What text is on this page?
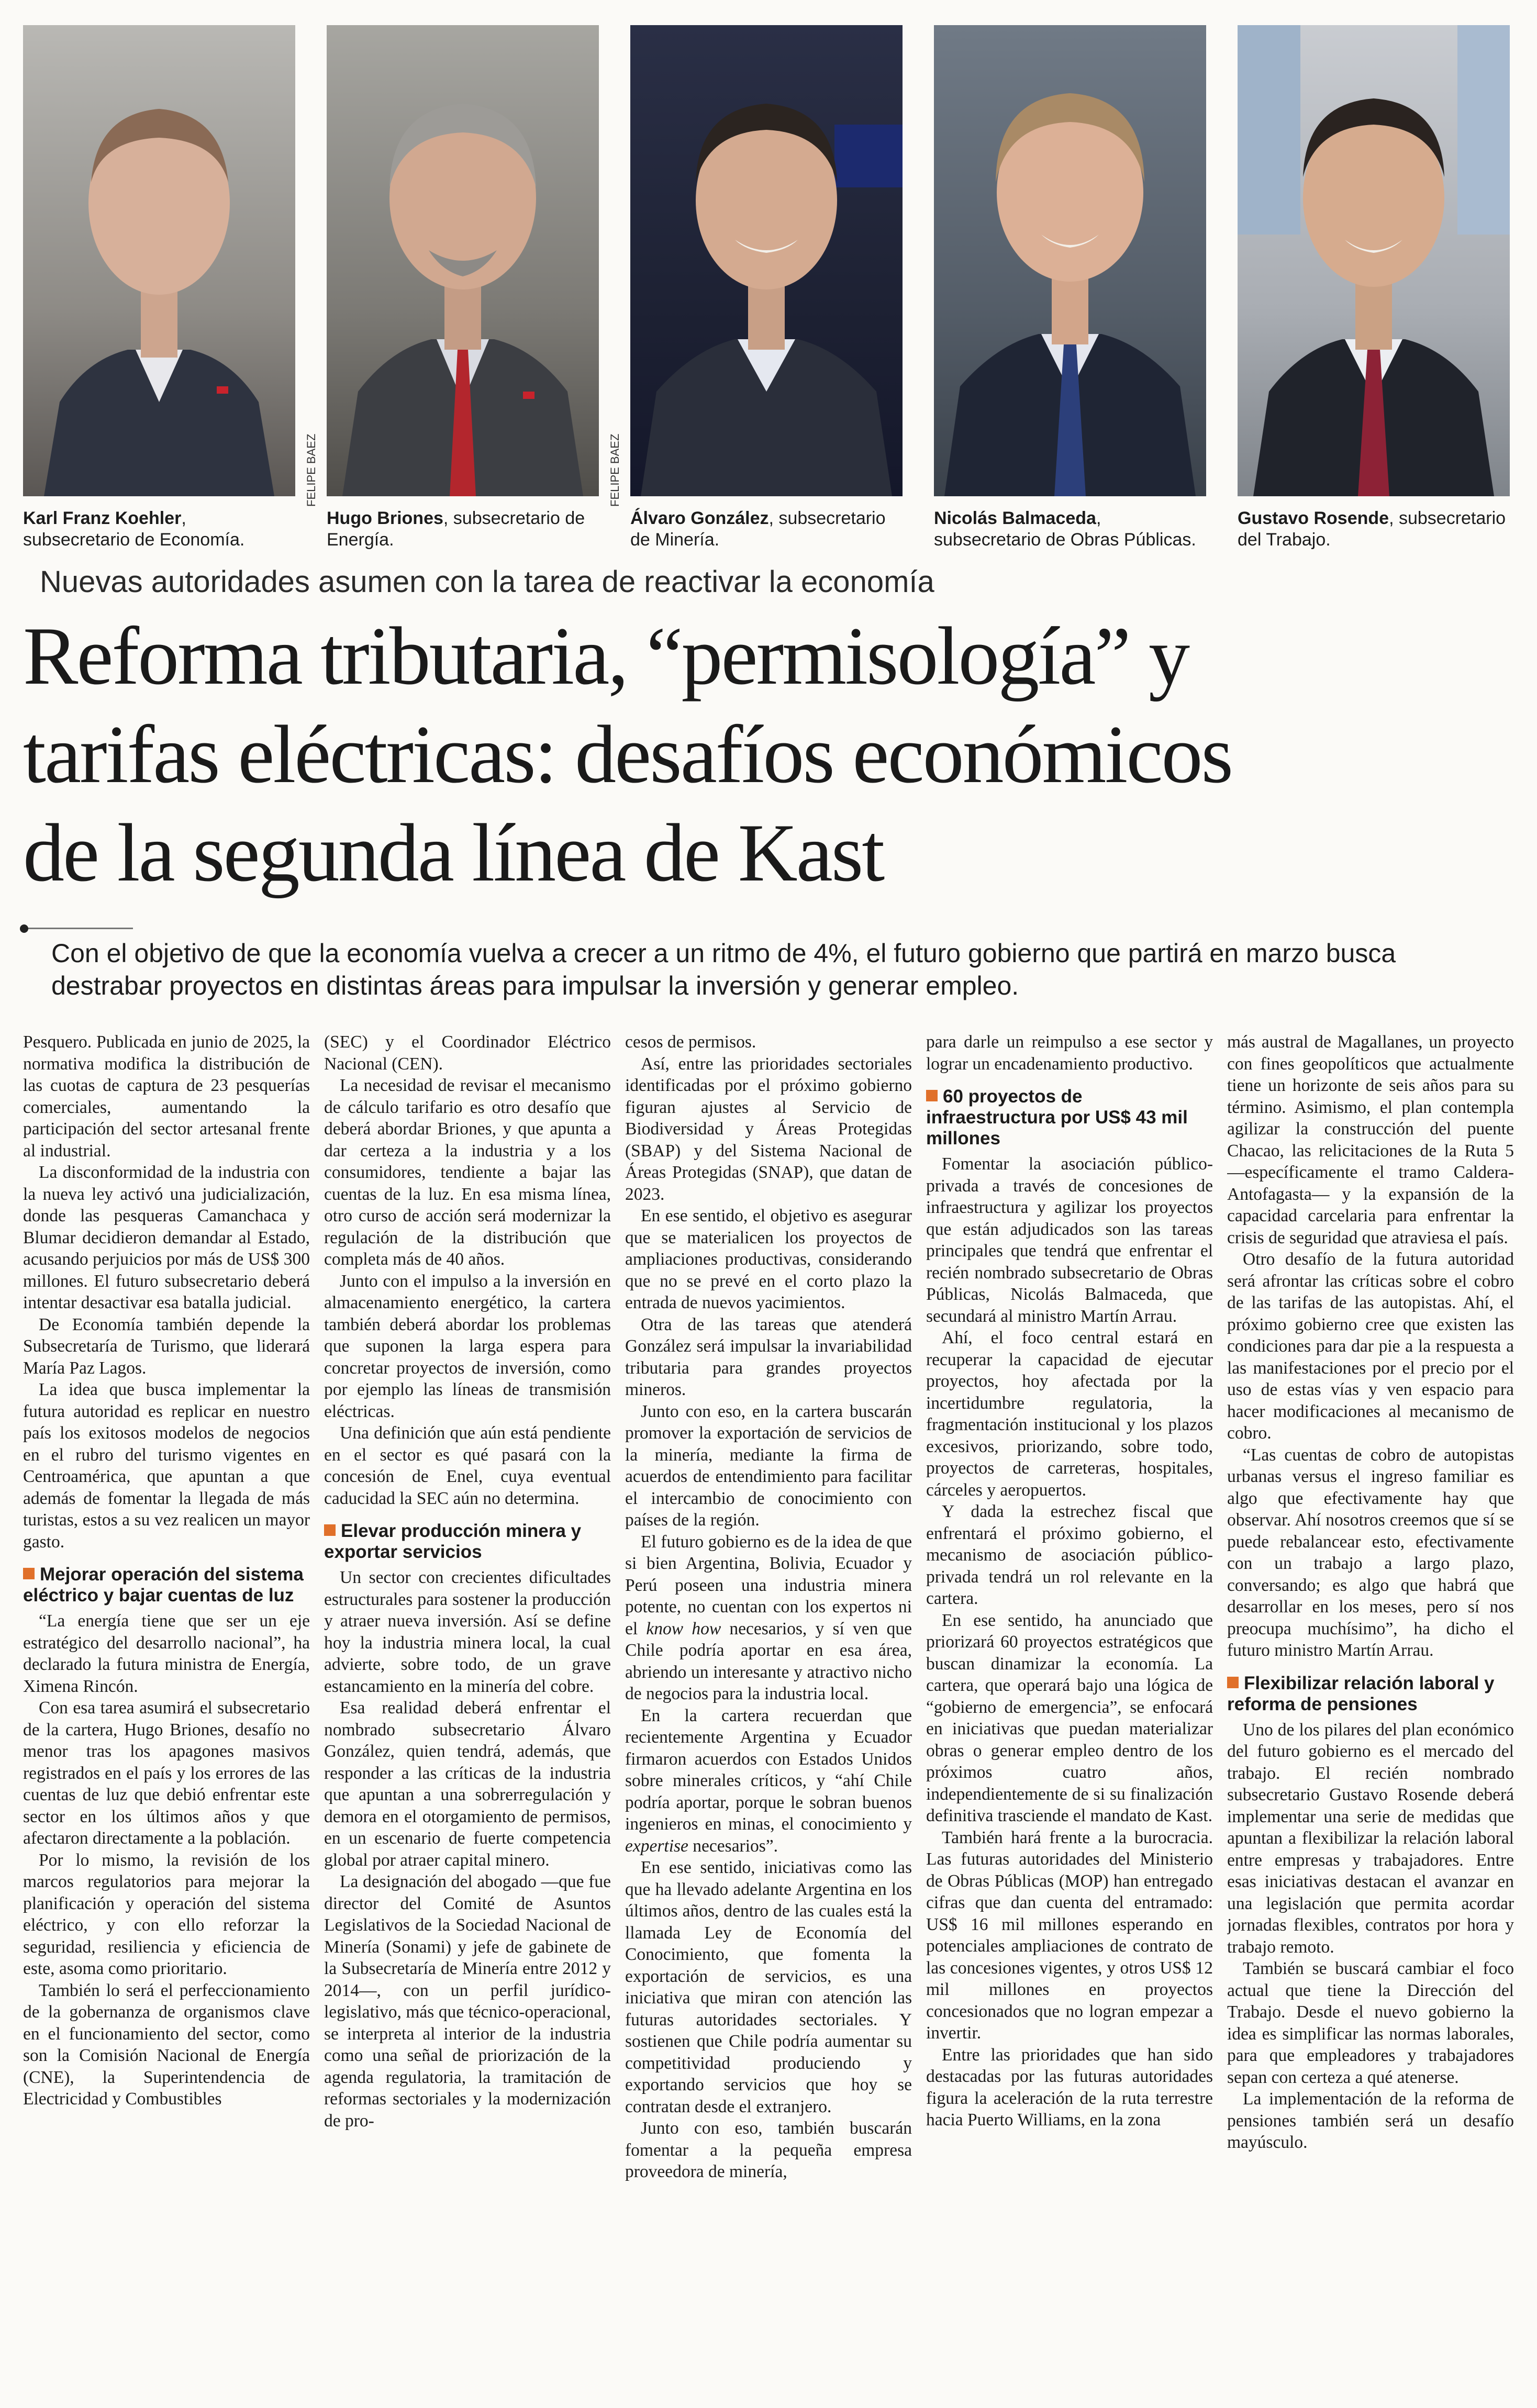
Karl Franz Koehler, subsecretario de Economía.
FELIPE BAEZ
Hugo Briones, subsecretario de Energía.
FELIPE BAEZ
Álvaro González, subsecretario de Minería.
Nicolás Balmaceda, subsecretario de Obras Públicas.
Gustavo Rosende, subsecretario del Trabajo.
Nuevas autoridades asumen con la tarea de reactivar la economía
Reforma tributaria, “permisología” y
tarifas eléctricas: desafíos económicos
de la segunda línea de Kast
Con el objetivo de que la economía vuelva a crecer a un ritmo de 4%, el futuro gobierno que partirá en marzo busca destrabar proyectos en distintas áreas para impulsar la inversión y generar empleo.

Pesquero. Publicada en junio de 2025, la normativa modifica la distribución de las cuotas de captura de 23 pesquerías comerciales, aumentando la participación del sector artesanal frente al industrial.

La disconformidad de la industria con la nueva ley activó una judicialización, donde las pesqueras Camanchaca y Blumar decidieron demandar al Estado, acusando perjuicios por más de US$ 300 millones. El futuro subsecretario deberá intentar desactivar esa batalla judicial.

De Economía también depende la Subsecretaría de Turismo, que liderará María Paz Lagos.

La idea que busca implementar la futura autoridad es replicar en nuestro país los exitosos modelos de negocios en el rubro del turismo vigentes en Centroamérica, que apuntan a que además de fomentar la llegada de más turistas, estos a su vez realicen un mayor gasto.

Mejorar operación del sistema eléctrico y bajar cuentas de luz

“La energía tiene que ser un eje estratégico del desarrollo nacional”, ha declarado la futura ministra de Energía, Ximena Rincón.

Con esa tarea asumirá el subsecretario de la cartera, Hugo Briones, desafío no menor tras los apagones masivos registrados en el país y los errores de las cuentas de luz que debió enfrentar este sector en los últimos años y que afectaron directamente a la población.

Por lo mismo, la revisión de los marcos regulatorios para mejorar la planificación y operación del sistema eléctrico, y con ello reforzar la seguridad, resiliencia y eficiencia de este, asoma como prioritario.

También lo será el perfeccionamiento de la gobernanza de organismos clave en el funcionamiento del sector, como son la Comisión Nacional de Energía (CNE), la Superintendencia de Electricidad y Combustibles

(SEC) y el Coordinador Eléctrico Nacional (CEN).

La necesidad de revisar el mecanismo de cálculo tarifario es otro desafío que deberá abordar Briones, y que apunta a dar certeza a la industria y a los consumidores, tendiente a bajar las cuentas de la luz. En esa misma línea, otro curso de acción será modernizar la regulación de la distribución que completa más de 40 años.

Junto con el impulso a la inversión en almacenamiento energético, la cartera también deberá abordar los problemas que suponen la larga espera para concretar proyectos de inversión, como por ejemplo las líneas de transmisión eléctricas.

Una definición que aún está pendiente en el sector es qué pasará con la concesión de Enel, cuya eventual caducidad la SEC aún no determina.

Elevar producción minera y exportar servicios

Un sector con crecientes dificultades estructurales para sostener la producción y atraer nueva inversión. Así se define hoy la industria minera local, la cual advierte, sobre todo, de un grave estancamiento en la minería del cobre.

Esa realidad deberá enfrentar el nombrado subsecretario Álvaro González, quien tendrá, además, que responder a las críticas de la industria que apuntan a una sobrerregulación y demora en el otorgamiento de permisos, en un escenario de fuerte competencia global por atraer capital minero.

La designación del abogado —que fue director del Comité de Asuntos Legislativos de la Sociedad Nacional de Minería (Sonami) y jefe de gabinete de la Subsecretaría de Minería entre 2012 y 2014—, con un perfil jurídico-legislativo, más que técnico-operacional, se interpreta al interior de la industria como una señal de priorización de la agenda regulatoria, la tramitación de reformas sectoriales y la modernización de pro-

cesos de permisos.

Así, entre las prioridades sectoriales identificadas por el próximo gobierno figuran ajustes al Servicio de Biodiversidad y Áreas Protegidas (SBAP) y del Sistema Nacional de Áreas Protegidas (SNAP), que datan de 2023.

En ese sentido, el objetivo es asegurar que se materialicen los proyectos de ampliaciones productivas, considerando que no se prevé en el corto plazo la entrada de nuevos yacimientos.

Otra de las tareas que atenderá González será impulsar la invariabilidad tributaria para grandes proyectos mineros.

Junto con eso, en la cartera buscarán promover la exportación de servicios de la minería, mediante la firma de acuerdos de entendimiento para facilitar el intercambio de conocimiento con países de la región.

El futuro gobierno es de la idea de que si bien Argentina, Bolivia, Ecuador y Perú poseen una industria minera potente, no cuentan con los expertos ni el know how necesarios, y sí ven que Chile podría aportar en esa área, abriendo un interesante y atractivo nicho de negocios para la industria local.

En la cartera recuerdan que recientemente Argentina y Ecuador firmaron acuerdos con Estados Unidos sobre minerales críticos, y “ahí Chile podría aportar, porque le sobran buenos ingenieros en minas, el conocimiento y expertise necesarios”.

En ese sentido, iniciativas como las que ha llevado adelante Argentina en los últimos años, dentro de las cuales está la llamada Ley de Economía del Conocimiento, que fomenta la exportación de servicios, es una iniciativa que miran con atención las futuras autoridades sectoriales. Y sostienen que Chile podría aumentar su competitividad produciendo y exportando servicios que hoy se contratan desde el extranjero.

Junto con eso, también buscarán fomentar a la pequeña empresa proveedora de minería,

para darle un reimpulso a ese sector y lograr un encadenamiento productivo.

60 proyectos de infraestructura por US$ 43 mil millones

Fomentar la asociación público-privada a través de concesiones de infraestructura y agilizar los proyectos que están adjudicados son las tareas principales que tendrá que enfrentar el recién nombrado subsecretario de Obras Públicas, Nicolás Balmaceda, que secundará al ministro Martín Arrau.

Ahí, el foco central estará en recuperar la capacidad de ejecutar proyectos, hoy afectada por la incertidumbre regulatoria, la fragmentación institucional y los plazos excesivos, priorizando, sobre todo, proyectos de carreteras, hospitales, cárceles y aeropuertos.

Y dada la estrechez fiscal que enfrentará el próximo gobierno, el mecanismo de asociación público-privada tendrá un rol relevante en la cartera.

En ese sentido, ha anunciado que priorizará 60 proyectos estratégicos que buscan dinamizar la economía. La cartera, que operará bajo una lógica de “gobierno de emergencia”, se enfocará en iniciativas que puedan materializar obras o generar empleo dentro de los próximos cuatro años, independientemente de si su finalización definitiva trasciende el mandato de Kast.

También hará frente a la burocracia. Las futuras autoridades del Ministerio de Obras Públicas (MOP) han entregado cifras que dan cuenta del entramado: US$ 16 mil millones esperando en potenciales ampliaciones de contrato de las concesiones vigentes, y otros US$ 12 mil millones en proyectos concesionados que no logran empezar a invertir.

Entre las prioridades que han sido destacadas por las futuras autoridades figura la aceleración de la ruta terrestre hacia Puerto Williams, en la zona

más austral de Magallanes, un proyecto con fines geopolíticos que actualmente tiene un horizonte de seis años para su término. Asimismo, el plan contempla agilizar la construcción del puente Chacao, las relicitaciones de la Ruta 5 —específicamente el tramo Caldera-Antofagasta— y la expansión de la capacidad carcelaria para enfrentar la crisis de seguridad que atraviesa el país.

Otro desafío de la futura autoridad será afrontar las críticas sobre el cobro de las tarifas de las autopistas. Ahí, el próximo gobierno cree que existen las condiciones para dar pie a la respuesta a las manifestaciones por el precio por el uso de estas vías y ven espacio para hacer modificaciones al mecanismo de cobro.

“Las cuentas de cobro de autopistas urbanas versus el ingreso familiar es algo que efectivamente hay que observar. Ahí nosotros creemos que sí se puede rebalancear esto, efectivamente con un trabajo a largo plazo, conversando; es algo que habrá que desarrollar en los meses, pero sí nos preocupa muchísimo”, ha dicho el futuro ministro Martín Arrau.

Flexibilizar relación laboral y reforma de pensiones

Uno de los pilares del plan económico del futuro gobierno es el mercado del trabajo. El recién nombrado subsecretario Gustavo Rosende deberá implementar una serie de medidas que apuntan a flexibilizar la relación laboral entre empresas y trabajadores. Entre esas iniciativas destacan el avanzar en una legislación que permita acordar jornadas flexibles, contratos por hora y trabajo remoto.

También se buscará cambiar el foco actual que tiene la Dirección del Trabajo. Desde el nuevo gobierno la idea es simplificar las normas laborales, para que empleadores y trabajadores sepan con certeza a qué atenerse.

La implementación de la reforma de pensiones también será un desafío mayúsculo.
